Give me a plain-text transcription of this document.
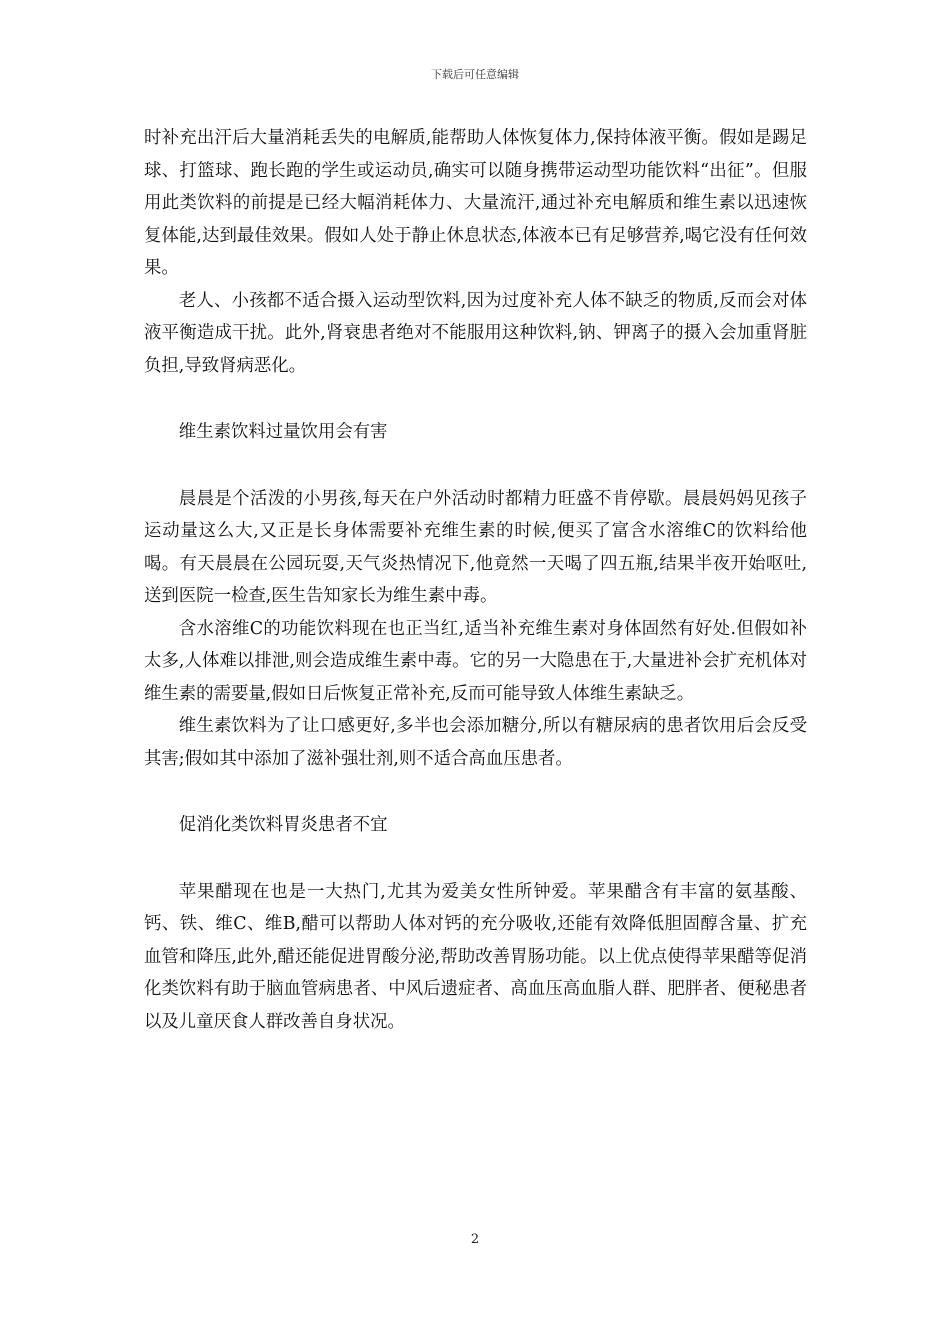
下载后可任意编辑

时补充出汗后大量消耗丢失的电解质,能帮助人体恢复体力,保持体液平衡。假如是踢足球、打篮球、跑长跑的学生或运动员,确实可以随身携带运动型功能饮料“出征”。但服用此类饮料的前提是已经大幅消耗体力、大量流汗,通过补充电解质和维生素以迅速恢复体能,达到最佳效果。假如人处于静止休息状态,体液本已有足够营养,喝它没有任何效果。

老人、小孩都不适合摄入运动型饮料,因为过度补充人体不缺乏的物质,反而会对体液平衡造成干扰。此外,肾衰患者绝对不能服用这种饮料,钠、钾离子的摄入会加重肾脏负担,导致肾病恶化。

维生素饮料过量饮用会有害

晨晨是个活泼的小男孩,每天在户外活动时都精力旺盛不肯停歇。晨晨妈妈见孩子运动量这么大,又正是长身体需要补充维生素的时候,便买了富含水溶维C的饮料给他喝。有天晨晨在公园玩耍,天气炎热情况下,他竟然一天喝了四五瓶,结果半夜开始呕吐,送到医院一检查,医生告知家长为维生素中毒。

含水溶维C的功能饮料现在也正当红,适当补充维生素对身体固然有好处.但假如补太多,人体难以排泄,则会造成维生素中毒。它的另一大隐患在于,大量进补会扩充机体对维生素的需要量,假如日后恢复正常补充,反而可能导致人体维生素缺乏。

维生素饮料为了让口感更好,多半也会添加糖分,所以有糖尿病的患者饮用后会反受其害;假如其中添加了滋补强壮剂,则不适合高血压患者。

促消化类饮料胃炎患者不宜

苹果醋现在也是一大热门,尤其为爱美女性所钟爱。苹果醋含有丰富的氨基酸、钙、铁、维C、维B,醋可以帮助人体对钙的充分吸收,还能有效降低胆固醇含量、扩充血管和降压,此外,醋还能促进胃酸分泌,帮助改善胃肠功能。以上优点使得苹果醋等促消化类饮料有助于脑血管病患者、中风后遗症者、高血压高血脂人群、肥胖者、便秘患者以及儿童厌食人群改善自身状况。

2
